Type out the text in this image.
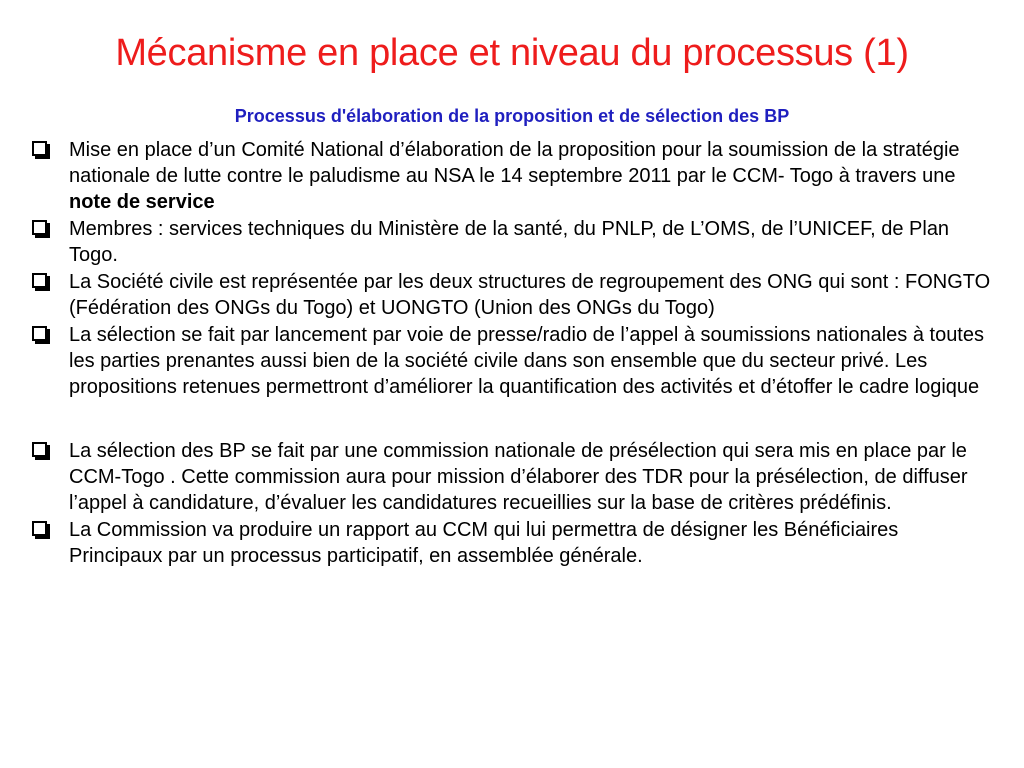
Mécanisme en place et niveau du processus (1)
Processus d'élaboration de la proposition et de sélection des BP
Mise en place d’un Comité National d’élaboration de la proposition pour la soumission de la stratégie nationale de lutte contre le paludisme au NSA le 14 septembre 2011 par le CCM- Togo à travers une note de service
Membres : services techniques du Ministère de la santé, du PNLP, de L’OMS, de l’UNICEF, de Plan Togo.
La Société civile est représentée par les deux structures de regroupement des ONG qui sont : FONGTO (Fédération des ONGs du Togo) et UONGTO (Union des ONGs du Togo)
La sélection se fait par lancement par voie de presse/radio de l’appel à soumissions nationales à toutes les parties prenantes aussi bien de la société civile dans son ensemble que du secteur privé. Les propositions retenues permettront d’améliorer la quantification des activités et d’étoffer le cadre logique
La sélection des BP se fait par une commission nationale de présélection qui sera mis en place par le CCM-Togo . Cette commission aura pour mission d’élaborer des TDR pour la présélection, de diffuser l’appel à candidature, d’évaluer les candidatures recueillies sur la base de critères prédéfinis.
La Commission va produire un rapport au CCM qui lui permettra de désigner les Bénéficiaires Principaux par un processus participatif, en assemblée générale.
